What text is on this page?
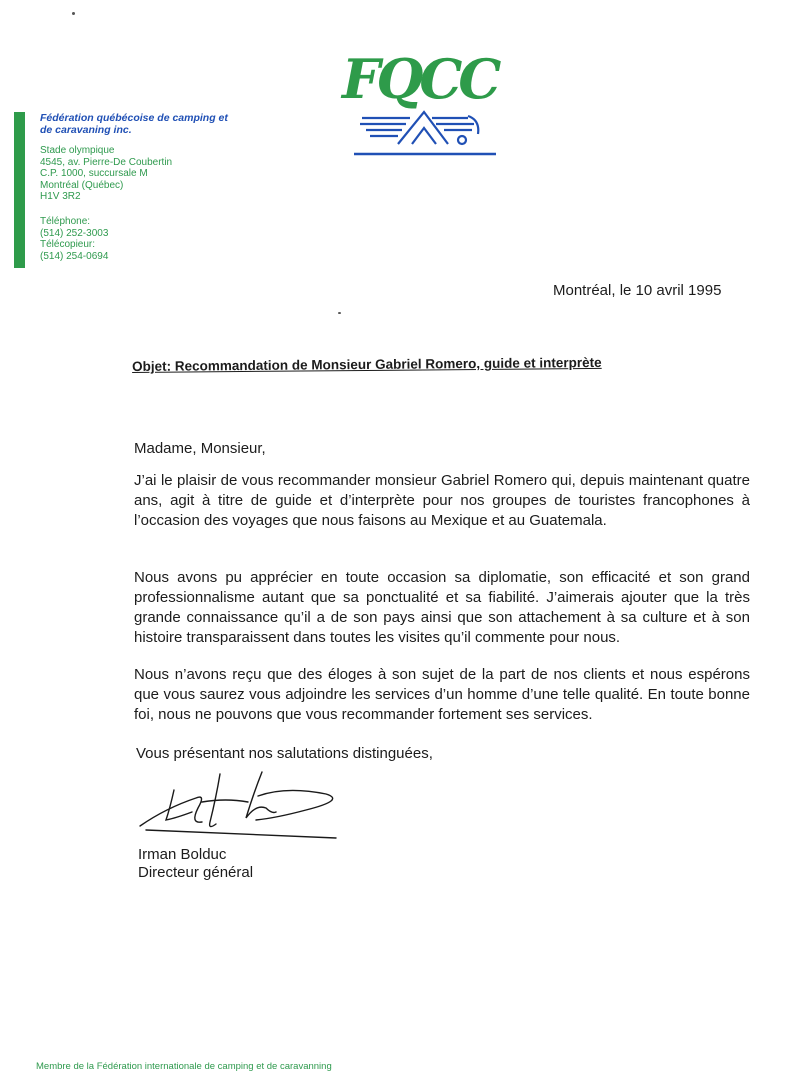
FQCC
Fédération québécoise de camping et de caravaning inc.
Stade olympique
4545, av. Pierre-De Coubertin
C.P. 1000, succursale M
Montréal (Québec)
H1V 3R2
Téléphone:
(514) 252-3003
Télécopieur:
(514) 254-0694
Montréal, le 10 avril 1995
Objet: Recommandation de Monsieur Gabriel Romero, guide et interprète
Madame, Monsieur,

J’ai le plaisir de vous recommander monsieur Gabriel Romero qui, depuis maintenant quatre ans, agit à titre de guide et d’interprète pour nos groupes de touristes francophones à l’occasion des voyages que nous faisons au Mexique et au Guatemala.

Nous avons pu apprécier en toute occasion sa diplomatie, son efficacité et son grand professionnalisme autant que sa ponctualité et sa fiabilité. J’aimerais ajouter que la très grande connaissance qu’il a de son pays ainsi que son attachement à sa culture et à son histoire transparaissent dans toutes les visites qu’il commente pour nous.

Nous n’avons reçu que des éloges à son sujet de la part de nos clients et nous espérons que vous saurez vous adjoindre les services d’un homme d’une telle qualité. En toute bonne foi, nous ne pouvons que vous recommander fortement ses services.

Vous présentant nos salutations distinguées,
Irman Bolduc
Directeur général
Membre de la Fédération internationale de camping et de caravanning
